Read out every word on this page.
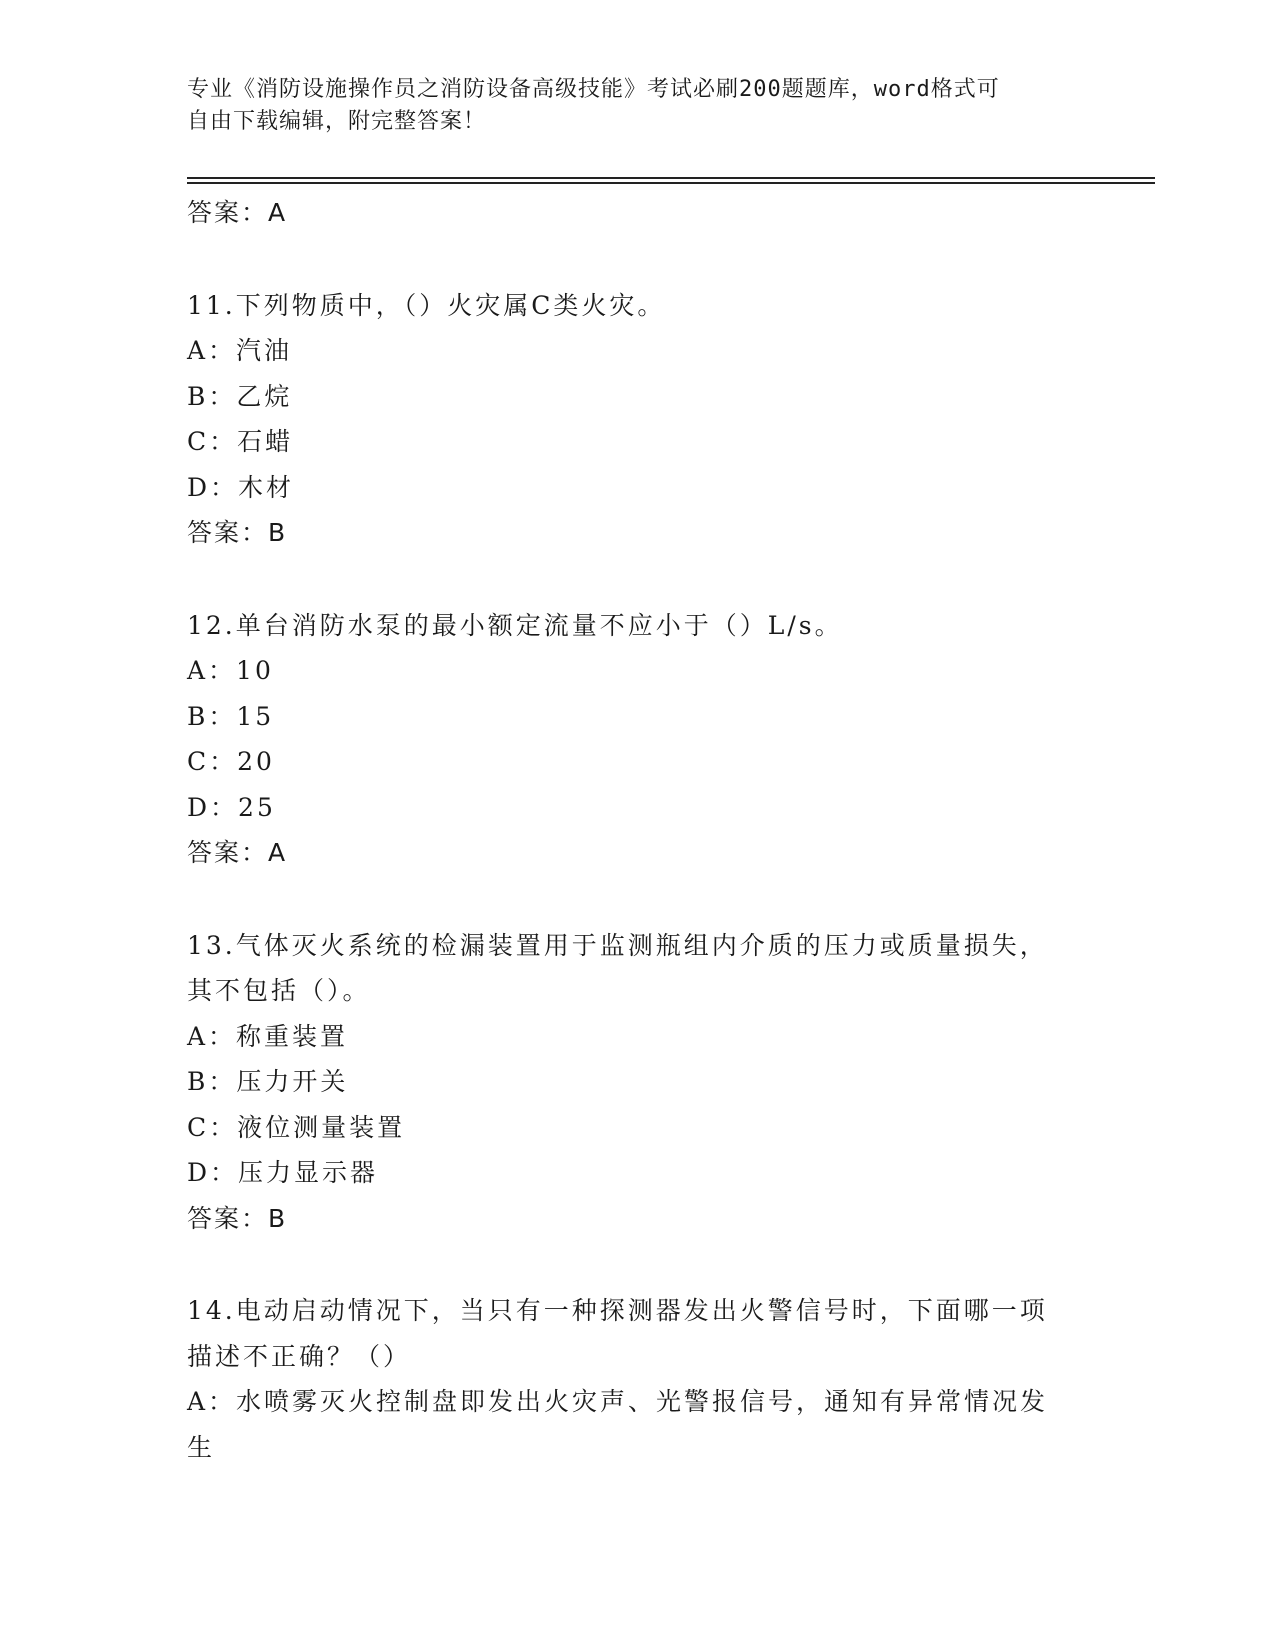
专业《消防设施操作员之消防设备高级技能》考试必刷200题题库，word格式可
自由下载编辑，附完整答案！
答案：A
11.下列物质中，（）火灾属C类火灾。
A：汽油
B：乙烷
C：石蜡
D：木材
答案：B
12.单台消防水泵的最小额定流量不应小于（）L/s。
A：10
B：15
C：20
D：25
答案：A
13.气体灭火系统的检漏装置用于监测瓶组内介质的压力或质量损失，
其不包括（）。
A：称重装置
B：压力开关
C：液位测量装置
D：压力显示器
答案：B
14.电动启动情况下，当只有一种探测器发出火警信号时，下面哪一项
描述不正确？（）
A：水喷雾灭火控制盘即发出火灾声、光警报信号，通知有异常情况发
生
